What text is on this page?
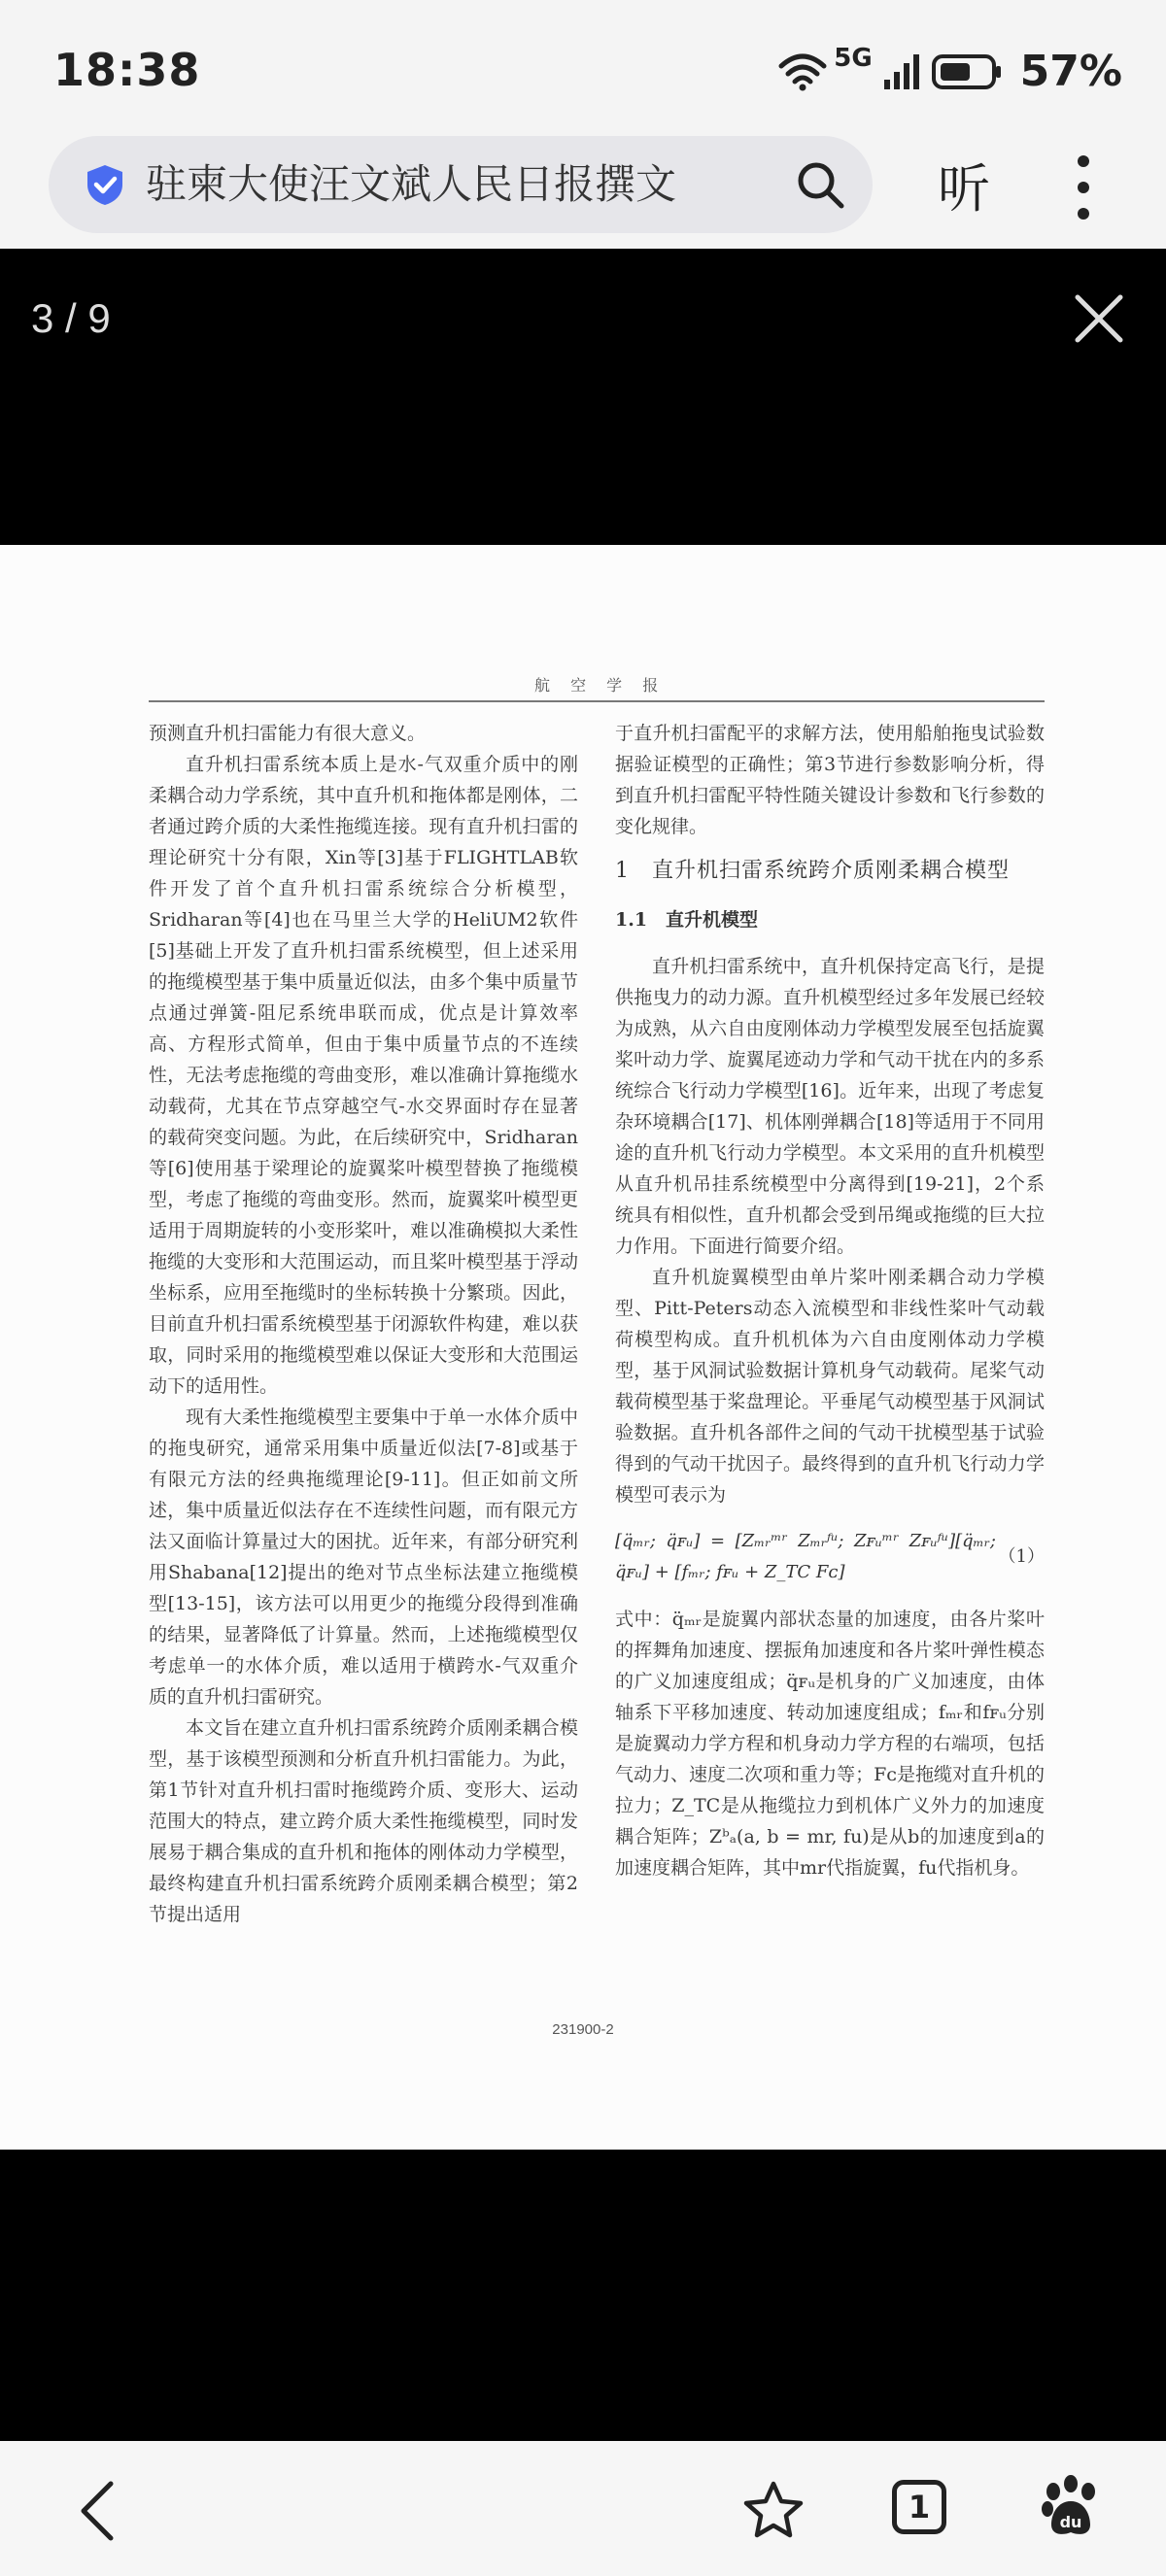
18:38	5G	57%
驻柬大使汪文斌人民日报撰文	听
3 / 9
航 空 学 报

预测直升机扫雷能力有很大意义。

直升机扫雷系统本质上是水-气双重介质中的刚柔耦合动力学系统，其中直升机和拖体都是刚体，二者通过跨介质的大柔性拖缆连接。现有直升机扫雷的理论研究十分有限，Xin等[3]基于FLIGHTLAB软件开发了首个直升机扫雷系统综合分析模型，Sridharan等[4]也在马里兰大学的HeliUM2软件[5]基础上开发了直升机扫雷系统模型，但上述采用的拖缆模型基于集中质量近似法，由多个集中质量节点通过弹簧-阻尼系统串联而成，优点是计算效率高、方程形式简单，但由于集中质量节点的不连续性，无法考虑拖缆的弯曲变形，难以准确计算拖缆水动载荷，尤其在节点穿越空气-水交界面时存在显著的载荷突变问题。为此，在后续研究中，Sridharan等[6]使用基于梁理论的旋翼桨叶模型替换了拖缆模型，考虑了拖缆的弯曲变形。然而，旋翼桨叶模型更适用于周期旋转的小变形桨叶，难以准确模拟大柔性拖缆的大变形和大范围运动，而且桨叶模型基于浮动坐标系，应用至拖缆时的坐标转换十分繁琐。因此，目前直升机扫雷系统模型基于闭源软件构建，难以获取，同时采用的拖缆模型难以保证大变形和大范围运动下的适用性。

现有大柔性拖缆模型主要集中于单一水体介质中的拖曳研究，通常采用集中质量近似法[7-8]或基于有限元方法的经典拖缆理论[9-11]。但正如前文所述，集中质量近似法存在不连续性问题，而有限元方法又面临计算量过大的困扰。近年来，有部分研究利用Shabana[12]提出的绝对节点坐标法建立拖缆模型[13-15]，该方法可以用更少的拖缆分段得到准确的结果，显著降低了计算量。然而，上述拖缆模型仅考虑单一的水体介质，难以适用于横跨水-气双重介质的直升机扫雷研究。

本文旨在建立直升机扫雷系统跨介质刚柔耦合模型，基于该模型预测和分析直升机扫雷能力。为此，第1节针对直升机扫雷时拖缆跨介质、变形大、运动范围大的特点，建立跨介质大柔性拖缆模型，同时发展易于耦合集成的直升机和拖体的刚体动力学模型，最终构建直升机扫雷系统跨介质刚柔耦合模型；第2节提出适用

于直升机扫雷配平的求解方法，使用船舶拖曳试验数据验证模型的正确性；第3节进行参数影响分析，得到直升机扫雷配平特性随关键设计参数和飞行参数的变化规律。

1　直升机扫雷系统跨介质刚柔耦合模型
1.1　直升机模型

直升机扫雷系统中，直升机保持定高飞行，是提供拖曳力的动力源。直升机模型经过多年发展已经较为成熟，从六自由度刚体动力学模型发展至包括旋翼桨叶动力学、旋翼尾迹动力学和气动干扰在内的多系统综合飞行动力学模型[16]。近年来，出现了考虑复杂环境耦合[17]、机体刚弹耦合[18]等适用于不同用途的直升机飞行动力学模型。本文采用的直升机模型从直升机吊挂系统模型中分离得到[19-21]，2个系统具有相似性，直升机都会受到吊绳或拖缆的巨大拉力作用。下面进行简要介绍。

直升机旋翼模型由单片桨叶刚柔耦合动力学模型、Pitt-Peters动态入流模型和非线性桨叶气动载荷模型构成。直升机机体为六自由度刚体动力学模型，基于风洞试验数据计算机身气动载荷。尾桨气动载荷模型基于桨盘理论。平垂尾气动模型基于风洞试验数据。直升机各部件之间的气动干扰模型基于试验得到的气动干扰因子。最终得到的直升机飞行动力学模型可表示为

[q̈ₘᵣ; q̈ꜰᵤ] = [Zₘᵣᵐʳ Zₘᵣᶠᵘ; Zꜰᵤᵐʳ Zꜰᵤᶠᵘ][q̈ₘᵣ; q̈ꜰᵤ] + [fₘᵣ; fꜰᵤ + Z_TC Fᴄ]
（1）

式中：q̈ₘᵣ是旋翼内部状态量的加速度，由各片桨叶的挥舞角加速度、摆振角加速度和各片桨叶弹性模态的广义加速度组成；q̈ꜰᵤ是机身的广义加速度，由体轴系下平移加速度、转动加速度组成；fₘᵣ和fꜰᵤ分别是旋翼动力学方程和机身动力学方程的右端项，包括气动力、速度二次项和重力等；Fᴄ是拖缆对直升机的拉力；Z_TC是从拖缆拉力到机体广义外力的加速度耦合矩阵；Zᵇₐ(a, b = mr, fu)是从b的加速度到a的加速度耦合矩阵，其中mr代指旋翼，fu代指机身。

231900-2
1	du
